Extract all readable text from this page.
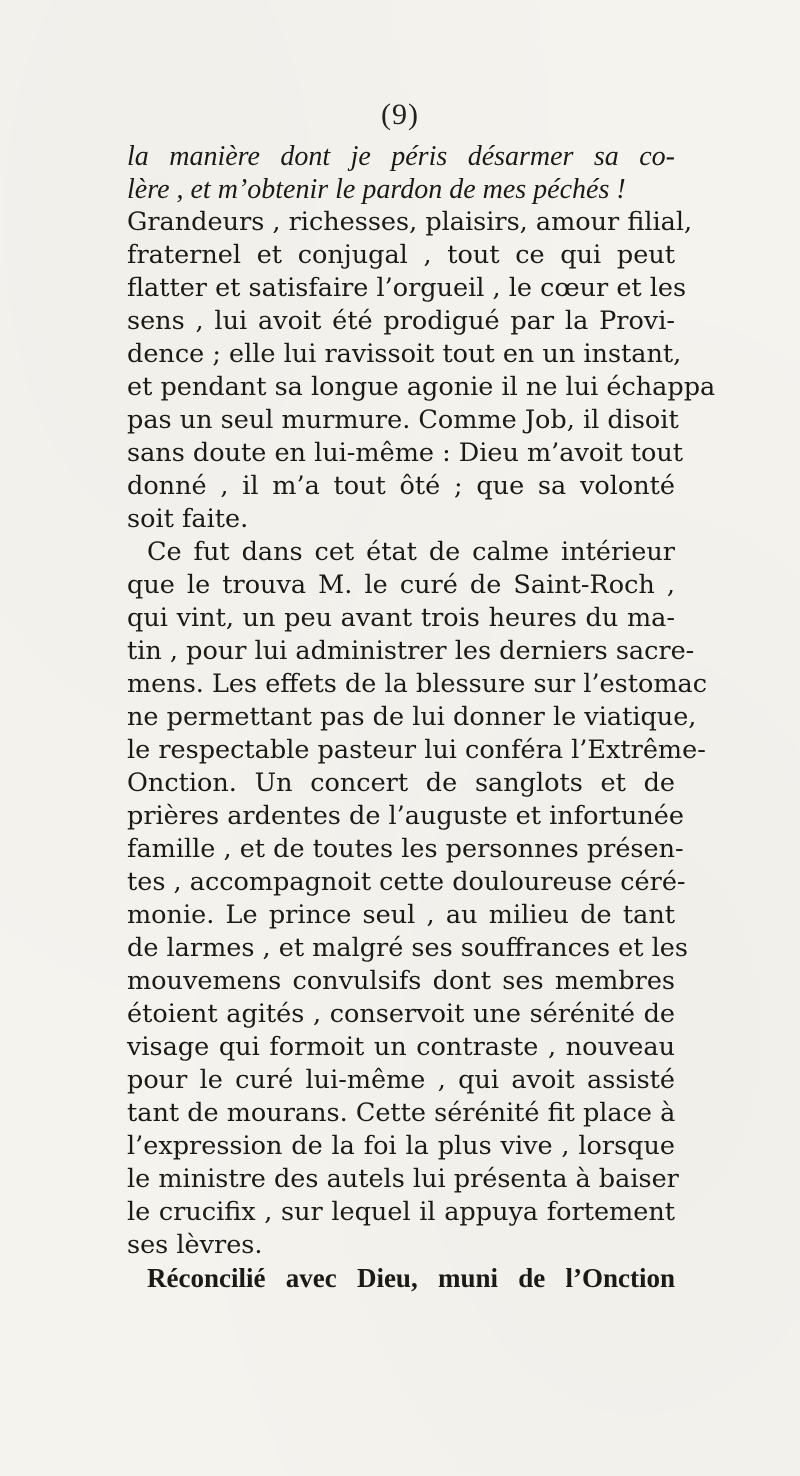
(9)
la manière dont je péris désarmer sa co-
lère , et m’obtenir le pardon de mes péchés !
Grandeurs , richesses, plaisirs, amour filial,
fraternel et conjugal , tout ce qui peut
flatter et satisfaire l’orgueil , le cœur et les
sens , lui avoit été prodigué par la Provi-
dence ; elle lui ravissoit tout en un instant,
et pendant sa longue agonie il ne lui échappa
pas un seul murmure. Comme Job, il disoit
sans doute en lui-même : Dieu m’avoit tout
donné , il m’a tout ôté ; que sa volonté
soit faite.
Ce fut dans cet état de calme intérieur
que le trouva M. le curé de Saint-Roch ,
qui vint, un peu avant trois heures du ma-
tin , pour lui administrer les derniers sacre-
mens. Les effets de la blessure sur l’estomac
ne permettant pas de lui donner le viatique,
le respectable pasteur lui conféra l’Extrême-
Onction. Un concert de sanglots et de
prières ardentes de l’auguste et infortunée
famille , et de toutes les personnes présen-
tes , accompagnoit cette douloureuse céré-
monie. Le prince seul , au milieu de tant
de larmes , et malgré ses souffrances et les
mouvemens convulsifs dont ses membres
étoient agités , conservoit une sérénité de
visage qui formoit un contraste , nouveau
pour le curé lui-même , qui avoit assisté
tant de mourans. Cette sérénité fit place à
l’expression de la foi la plus vive , lorsque
le ministre des autels lui présenta à baiser
le crucifix , sur lequel il appuya fortement
ses lèvres.
Réconcilié avec Dieu, muni de l’Onction
